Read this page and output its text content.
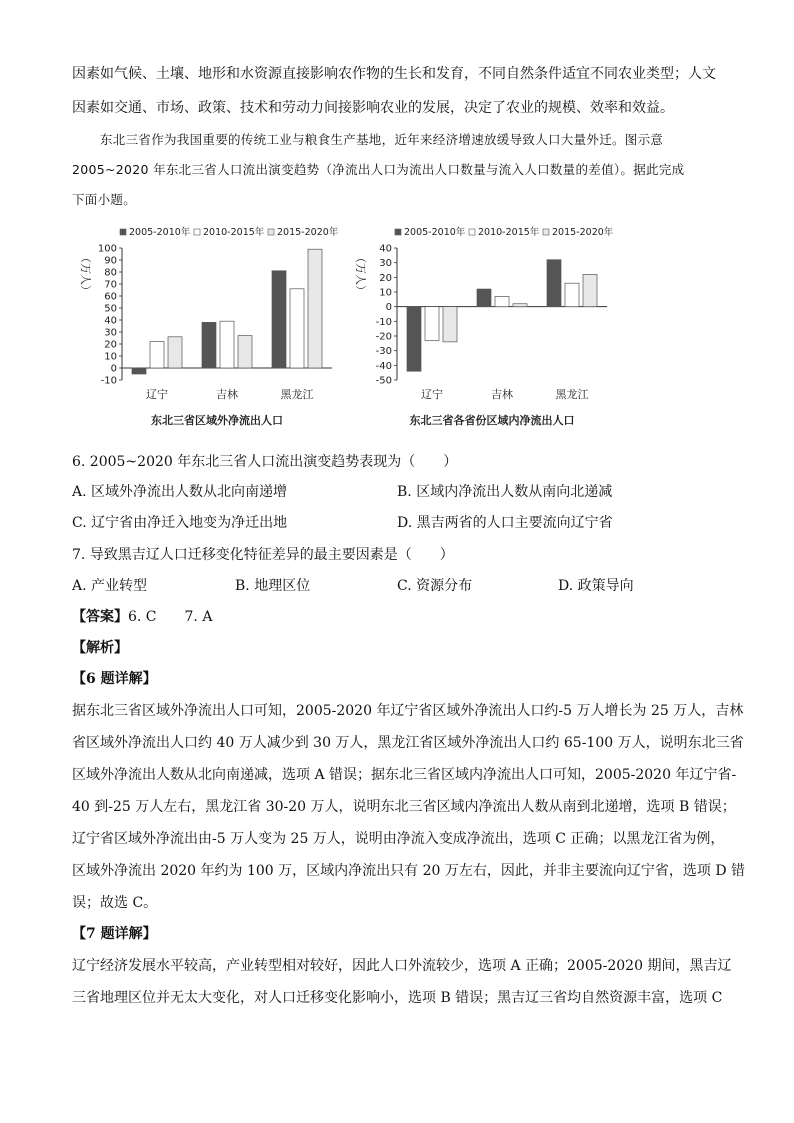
因素如气候、土壤、地形和水资源直接影响农作物的生长和发育，不同自然条件适宜不同农业类型；人文
因素如交通、市场、政策、技术和劳动力间接影响农业的发展，决定了农业的规模、效率和效益。
东北三省作为我国重要的传统工业与粮食生产基地，近年来经济增速放缓导致人口大量外迁。图示意
2005~2020 年东北三省人口流出演变趋势（净流出人口为流出人口数量与流入人口数量的差值）。据此完成
下面小题。
2005-2010年 2010-2015年 2015-2020年
（万人）
-10
0
10
20
30
40
50
60
70
80
90
100
辽宁	吉林	黑龙江
东北三省区域外净流出人口
2005-2010年 2010-2015年 2015-2020年
（万人）
-50
-40
-30
-20
-10
0
10
20
30
40
辽宁	吉林	黑龙江
东北三省各省份区域内净流出人口
6. 2005~2020 年东北三省人口流出演变趋势表现为（　　）
A. 区域外净流出人数从北向南递增	B. 区域内净流出人数从南向北递减
C. 辽宁省由净迁入地变为净迁出地	D. 黑吉两省的人口主要流向辽宁省
7. 导致黑吉辽人口迁移变化特征差异的最主要因素是（　　）
A. 产业转型	B. 地理区位	C. 资源分布	D. 政策导向
【答案】6. C　　7. A
【解析】
【6 题详解】
据东北三省区域外净流出人口可知，2005-2020 年辽宁省区域外净流出人口约-5 万人增长为 25 万人，吉林
省区域外净流出人口约 40 万人减少到 30 万人，黑龙江省区域外净流出人口约 65-100 万人，说明东北三省
区域外净流出人数从北向南递减，选项 A 错误；据东北三省区域内净流出人口可知，2005-2020 年辽宁省-
40 到-25 万人左右，黑龙江省 30-20 万人，说明东北三省区域内净流出人数从南到北递增，选项 B 错误；
辽宁省区域外净流出由-5 万人变为 25 万人，说明由净流入变成净流出，选项 C 正确；以黑龙江省为例，
区域外净流出 2020 年约为 100 万，区域内净流出只有 20 万左右，因此，并非主要流向辽宁省，选项 D 错
误；故选 C。
【7 题详解】
辽宁经济发展水平较高，产业转型相对较好，因此人口外流较少，选项 A 正确；2005-2020 期间，黑吉辽
三省地理区位并无太大变化，对人口迁移变化影响小，选项 B 错误；黑吉辽三省均自然资源丰富，选项 C
